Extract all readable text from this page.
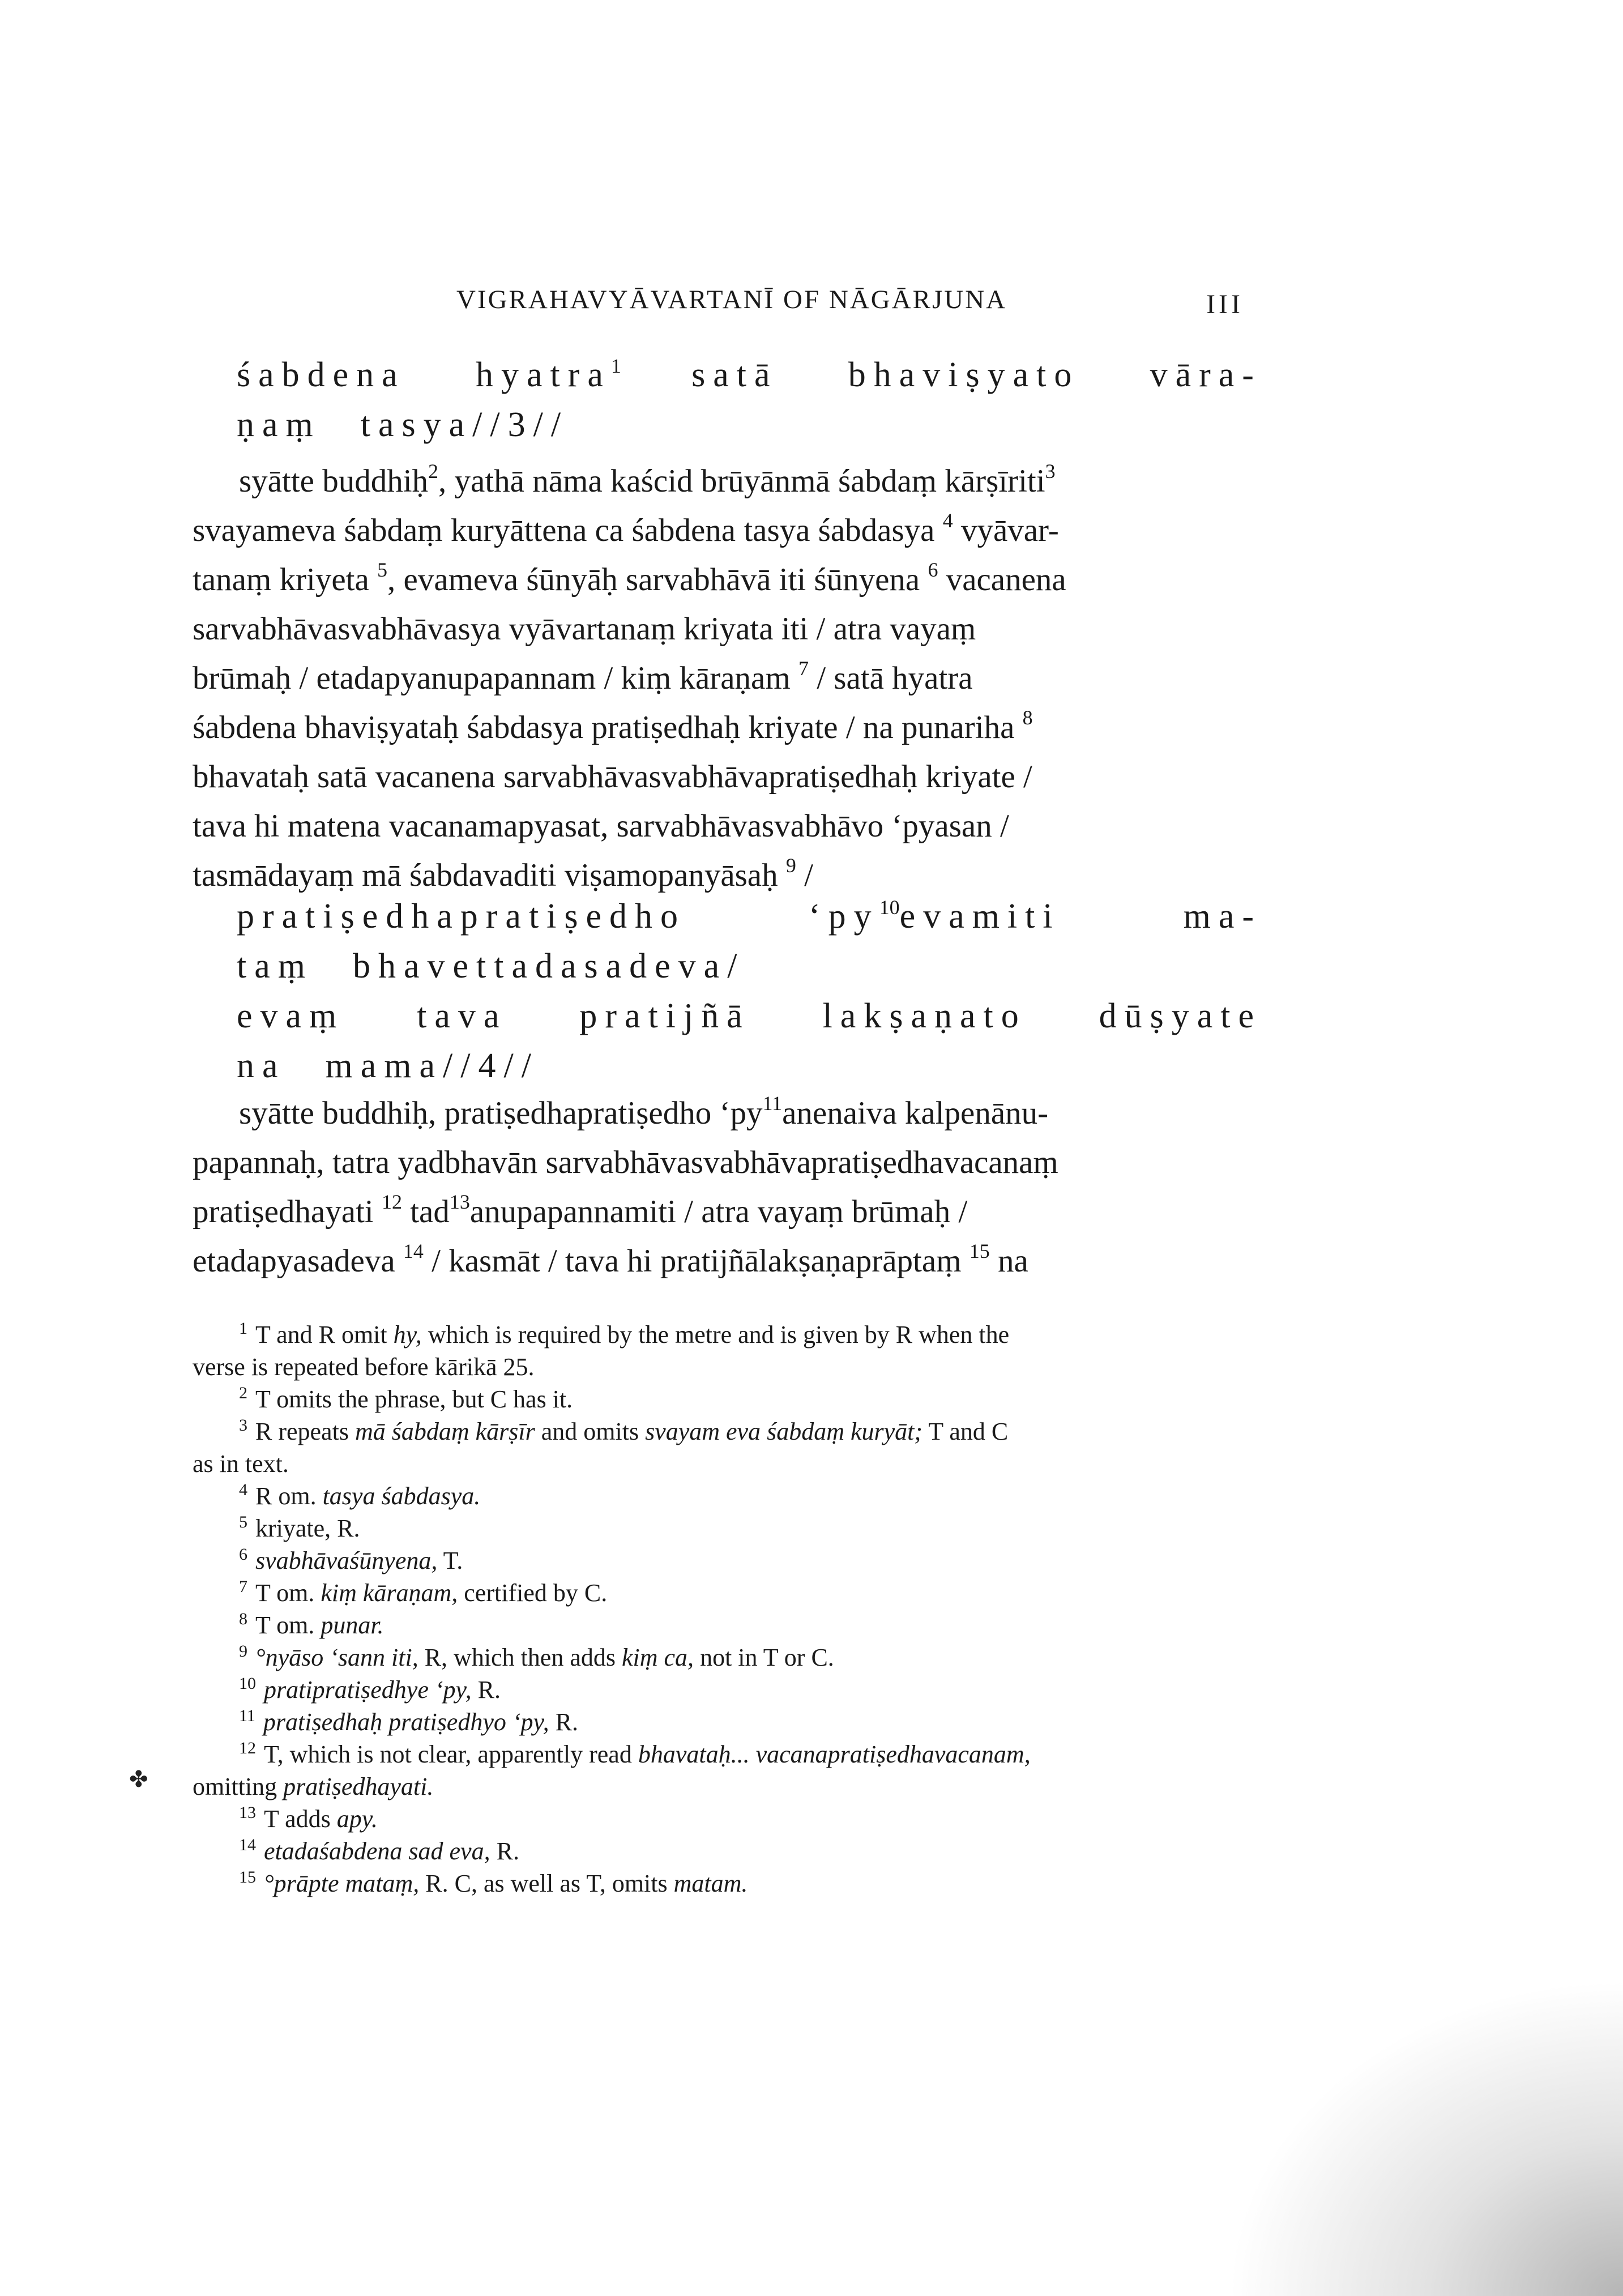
VIGRAHAVYĀVARTANĪ OF NĀGĀRJUNA	III
śabdena hyatra$^1$ satā bhaviṣyato vāra-
ṇaṃ tasya//3//
syātte buddhiḥ$^2$, yathā nāma kaścid brūyānmā śabdaṃ kārṣīriti$^3$
svayameva śabdaṃ kuryāttena ca śabdena tasya śabdasya $^4$ vyāvar-
tanaṃ kriyeta $^5$, evameva śūnyāḥ sarvabhāvā iti śūnyena $^6$ vacanena
sarvabhāvasvabhāvasya vyāvartanaṃ kriyata iti / atra vayaṃ
brūmaḥ / etadapyanupapannam / kiṃ kāraṇam $^7$ / satā hyatra
śabdena bhaviṣyataḥ śabdasya pratiṣedhaḥ kriyate / na punariha $^8$
bhavataḥ satā vacanena sarvabhāvasvabhāvapratiṣedhaḥ kriyate /
tava hi matena vacanamapyasat, sarvabhāvasvabhāvo ‘pyasan /
tasmādayaṃ mā śabdavaditi viṣamopanyāsaḥ $^9$ /
pratiṣedhapratiṣedho	‘$py^{10}evamiti$	ma-
taṃ bhavettadasadeva/
evaṃ tava pratijñā lakṣaṇato dūṣyate
na mama//4//
syātte buddhiḥ, pratiṣedhapratiṣedho ‘$py^{11}anenaiva$ kalpenānu-
papannaḥ, tatra yadbhavān sarvabhāvasvabhāvapratiṣedhavacanaṃ
pratiṣedhayati $^{12}$ tad$^{13}$anupapannamiti / atra vayaṃ brūmaḥ /
etadapyasadeva $^{14}$ / kasmāt / tava hi pratijñālakṣaṇaprāptaṃ $^{15}$ na
$^1$ T and R omit hy, which is required by the metre and is given by R when the
verse is repeated before kārikā 25.
$^2$ T omits the phrase, but C has it.
$^3$ R repeats mā śabdaṃ kārṣīr and omits svayam eva śabdaṃ kuryāt; T and C
as in text.
$^4$ R om. tasya śabdasya.
$^5$ kriyate, R.
$^6$ svabhāvaśūnyena, T.
$^7$ T om. kiṃ kāraṇam, certified by C.
$^8$ T om. punar.
$^9$ °nyāso ‘sann iti, R, which then adds kiṃ ca, not in T or C.
$^{10}$ pratipratiṣedhye ‘py, R.
$^{11}$ pratiṣedhaḥ pratiṣedhyo ‘py, R.
$^{12}$ T, which is not clear, apparently read bhavataḥ... vacanapratiṣedhavacanam,
omitting pratiṣedhayati.
$^{13}$ T adds apy.
$^{14}$ etadaśabdena sad eva, R.
$^{15}$ °prāpte mataṃ, R. C, as well as T, omits matam.
✤
